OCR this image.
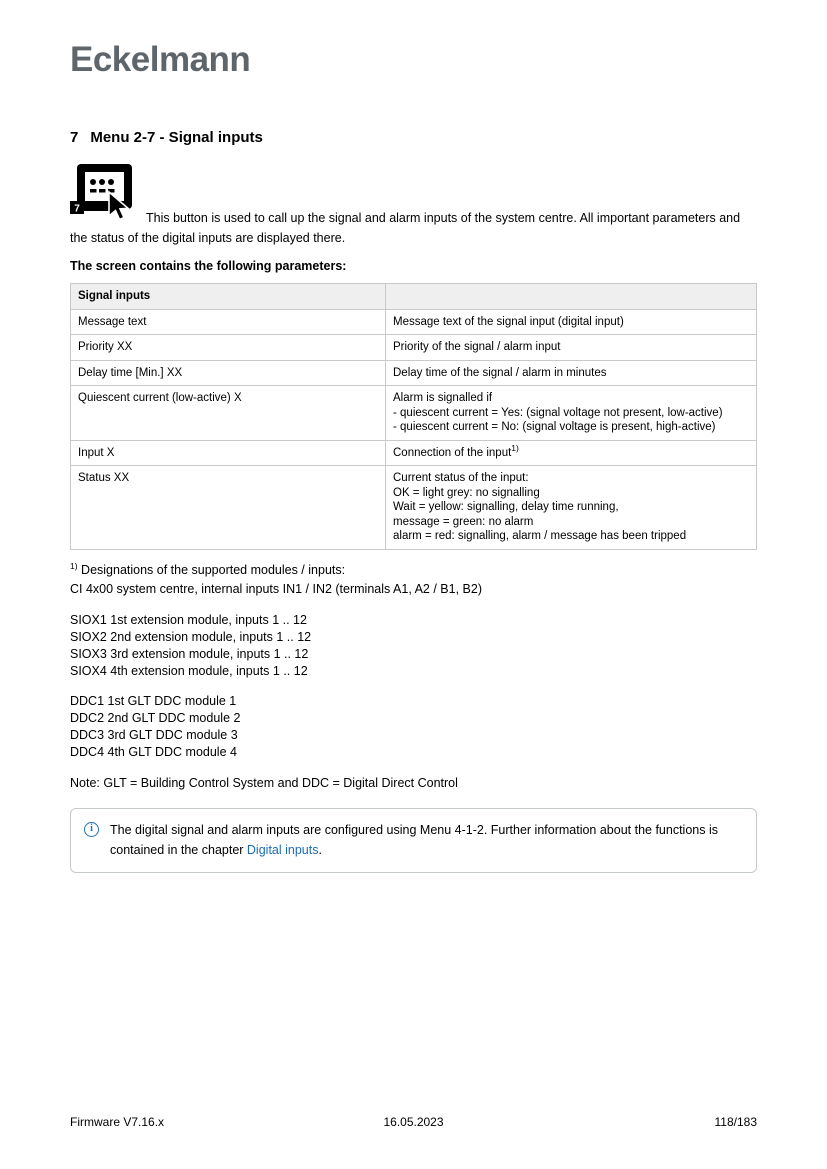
Eckelmann
7 Menu 2-7 - Signal inputs
7

This button is used to call up the signal and alarm inputs of the system centre. All important parameters and the status of the digital inputs are displayed there.

The screen contains the following parameters:
Signal inputs	
Message text	Message text of the signal input (digital input)

Priority XX	Priority of the signal / alarm input

Delay time [Min.] XX	Delay time of the signal / alarm in minutes

Quiescent current (low-active) X	Alarm is signalled if
- quiescent current = Yes: (signal voltage not present, low-active)
- quiescent current = No: (signal voltage is present, high-active)

Input X	Connection of the input$^{1)}$
Status XX	Current status of the input:
OK = light grey: no signalling
Wait = yellow: signalling, delay time running,
message = green: no alarm
alarm = red: signalling, alarm / message has been tripped
$^{1)}$ Designations of the supported modules / inputs:
CI 4x00 system centre, internal inputs IN1 / IN2 (terminals A1, A2 / B1, B2)
SIOX1 1st extension module, inputs 1 .. 12
SIOX2 2nd extension module, inputs 1 .. 12
SIOX3 3rd extension module, inputs 1 .. 12
SIOX4 4th extension module, inputs 1 .. 12
DDC1 1st GLT DDC module 1
DDC2 2nd GLT DDC module 2
DDC3 3rd GLT DDC module 3
DDC4 4th GLT DDC module 4
Note: GLT = Building Control System and DDC = Digital Direct Control
i	The digital signal and alarm inputs are configured using Menu 4-1-2. Further information about the functions is contained in the chapter Digital inputs.
Firmware V7.16.x	16.05.2023	118/183
